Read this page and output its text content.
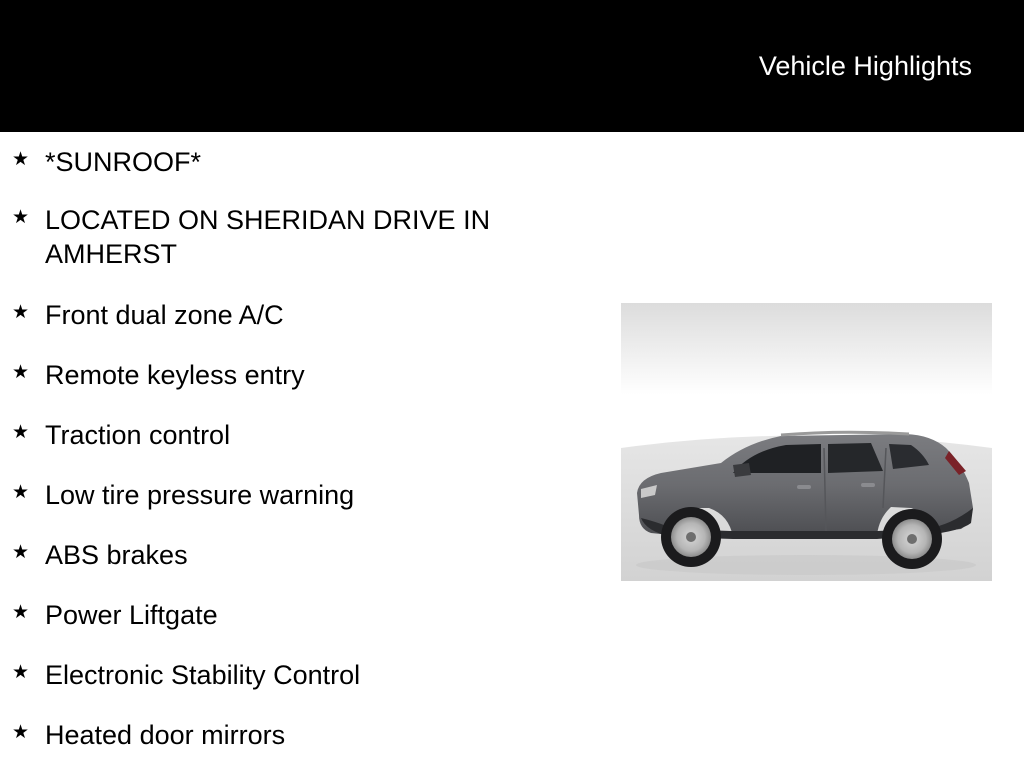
Vehicle Highlights
★ *SUNROOF*
★ LOCATED ON SHERIDAN DRIVE IN AMHERST
★ Front dual zone A/C
★ Remote keyless entry
★ Traction control
★ Low tire pressure warning
★ ABS brakes
★ Power Liftgate
★ Electronic Stability Control
★ Heated door mirrors
